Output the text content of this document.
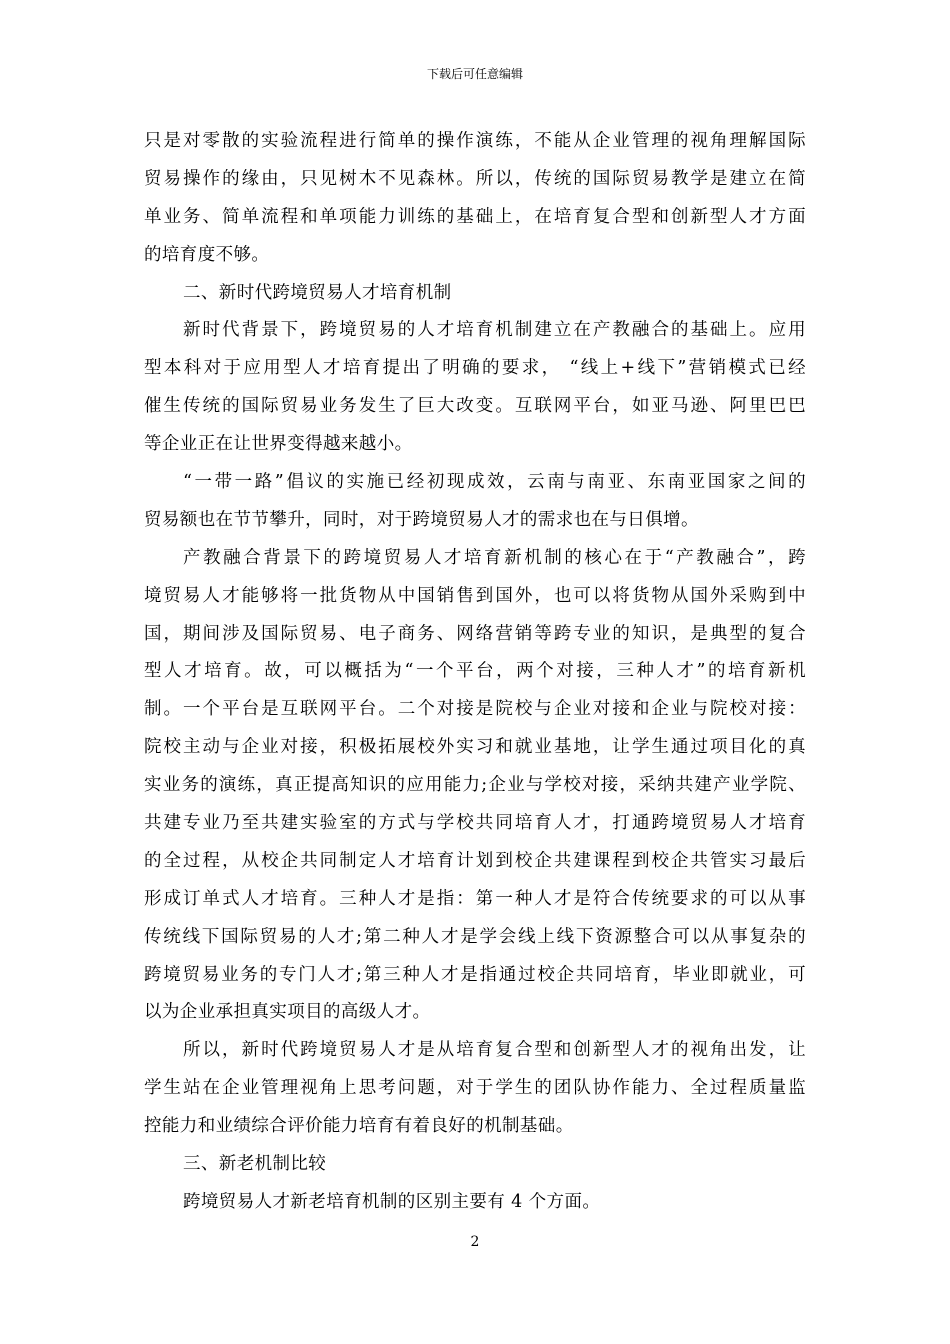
下载后可任意编辑
只是对零散的实验流程进行简单的操作演练，不能从企业管理的视角理解国际
贸易操作的缘由，只见树木不见森林。所以，传统的国际贸易教学是建立在简
单业务、简单流程和单项能力训练的基础上，在培育复合型和创新型人才方面
的培育度不够。
二、新时代跨境贸易人才培育机制
新时代背景下，跨境贸易的人才培育机制建立在产教融合的基础上。应用
型本科对于应用型人才培育提出了明确的要求， “线上+线下”营销模式已经
催生传统的国际贸易业务发生了巨大改变。互联网平台，如亚马逊、阿里巴巴
等企业正在让世界变得越来越小。
“一带一路”倡议的实施已经初现成效，云南与南亚、东南亚国家之间的
贸易额也在节节攀升，同时，对于跨境贸易人才的需求也在与日俱增。
产教融合背景下的跨境贸易人才培育新机制的核心在于“产教融合”，跨
境贸易人才能够将一批货物从中国销售到国外，也可以将货物从国外采购到中
国，期间涉及国际贸易、电子商务、网络营销等跨专业的知识，是典型的复合
型人才培育。故，可以概括为“一个平台，两个对接，三种人才”的培育新机
制。一个平台是互联网平台。二个对接是院校与企业对接和企业与院校对接：
院校主动与企业对接，积极拓展校外实习和就业基地，让学生通过项目化的真
实业务的演练，真正提高知识的应用能力;企业与学校对接，采纳共建产业学院、
共建专业乃至共建实验室的方式与学校共同培育人才，打通跨境贸易人才培育
的全过程，从校企共同制定人才培育计划到校企共建课程到校企共管实习最后
形成订单式人才培育。三种人才是指：第一种人才是符合传统要求的可以从事
传统线下国际贸易的人才;第二种人才是学会线上线下资源整合可以从事复杂的
跨境贸易业务的专门人才;第三种人才是指通过校企共同培育，毕业即就业，可
以为企业承担真实项目的高级人才。
所以，新时代跨境贸易人才是从培育复合型和创新型人才的视角出发，让
学生站在企业管理视角上思考问题，对于学生的团队协作能力、全过程质量监
控能力和业绩综合评价能力培育有着良好的机制基础。
三、新老机制比较
跨境贸易人才新老培育机制的区别主要有 4 个方面。
2
